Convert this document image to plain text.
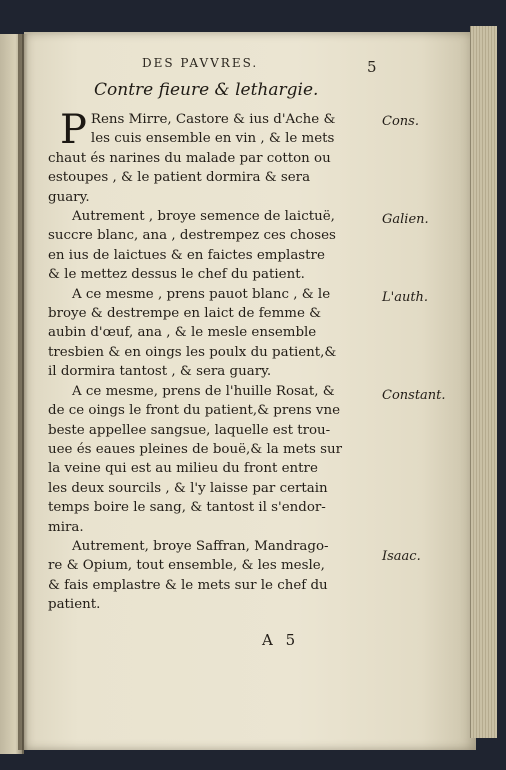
DES PAVVRES.	5
Contre fieure & lethargie.
P Rens Mirre, Castore & ius d'Ache &
les cuis ensemble en vin , & le mets
chaut és narines du malade par cotton ou
estoupes , & le patient dormira & sera
guary.
Autrement , broye semence de laictuë,
succre blanc, ana , destrempez ces choses
en ius de laictues & en faictes emplastre
& le mettez dessus le chef du patient.
A ce mesme , prens pauot blanc , & le
broye & destrempe en laict de femme &
aubin d'œuf, ana , & le mesle ensemble
tresbien & en oings les poulx du patient,&
il dormira tantost , & sera guary.
A ce mesme, prens de l'huille Rosat, &
de ce oings le front du patient,& prens vne
beste appellee sangsue, laquelle est trou-
uee és eaues pleines de bouë,& la mets sur
la veine qui est au milieu du front entre
les deux sourcils , & l'y laisse par certain
temps boire le sang, & tantost il s'endor-
mira.
Autrement, broye Saffran, Mandrago-
re & Opium, tout ensemble, & les mesle,
& fais emplastre & le mets sur le chef du
patient.
Cons.
Galien.
L'auth.
Constant.
Isaac.
A 5
